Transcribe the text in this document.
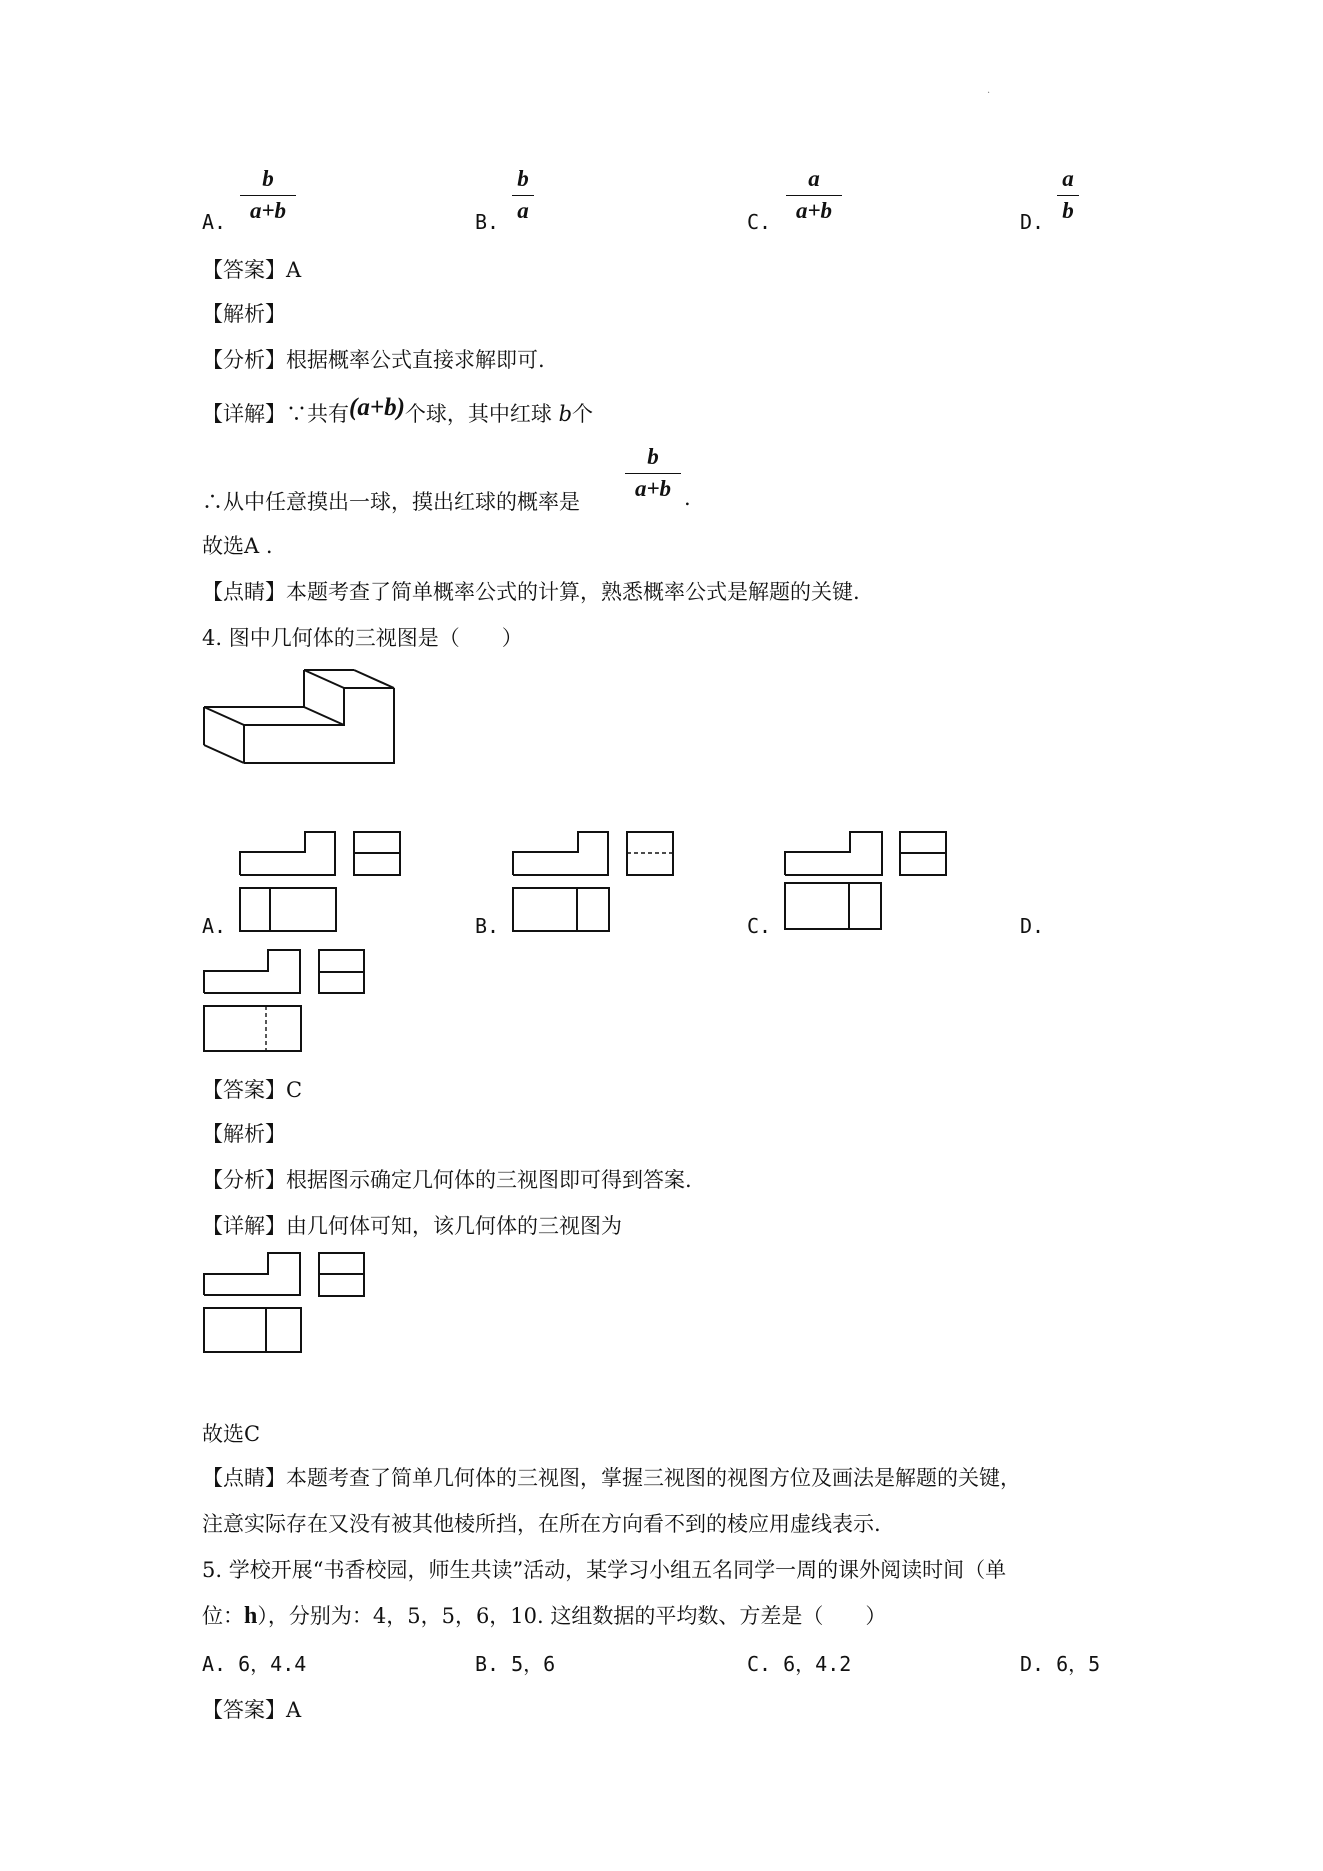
·
A.
b
a+b	B.
b
a	C.
a
a+b	D.
a
b
【答案】A
【解析】
【分析】根据概率公式直接求解即可.
【详解】∵共有(a+b)个球，其中红球 b个
∴从中任意摸出一球，摸出红球的概率是
b
a+b .
故选A .
【点睛】本题考查了简单概率公式的计算，熟悉概率公式是解题的关键.
4. 图中几何体的三视图是（　　）
A.	B.	C.	D.
【答案】C
【解析】
【分析】根据图示确定几何体的三视图即可得到答案.
【详解】由几何体可知，该几何体的三视图为
故选C
【点睛】本题考查了简单几何体的三视图，掌握三视图的视图方位及画法是解题的关键，
注意实际存在又没有被其他棱所挡，在所在方向看不到的棱应用虚线表示.
5. 学校开展“书香校园，师生共读”活动，某学习小组五名同学一周的课外阅读时间（单
位：h），分别为：4，5，5，6，10. 这组数据的平均数、方差是（　　）
A. 6，4.4	B. 5，6	C. 6，4.2	D. 6，5
【答案】A
